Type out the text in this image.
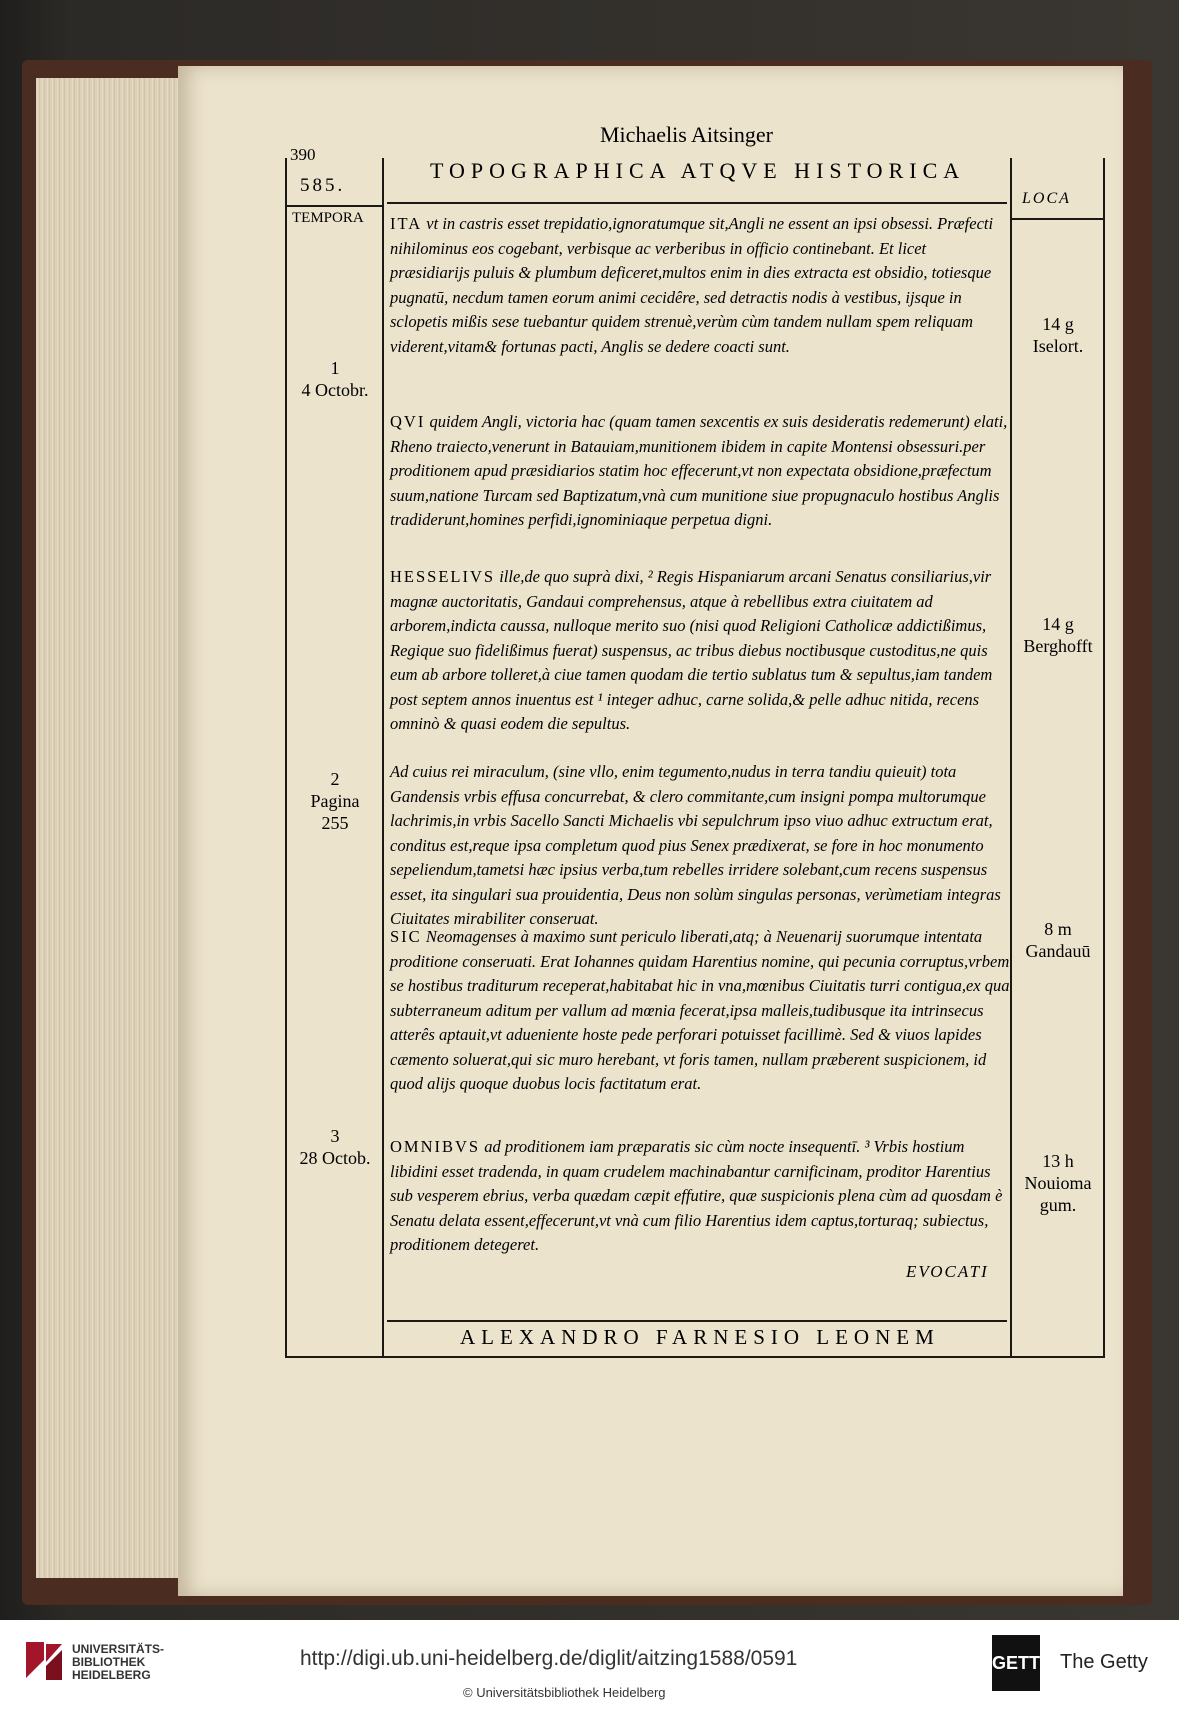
390
Michaelis Aitsinger
585.
TEMPORA
TOPOGRAPHICA ATQVE HISTORICA
LOCA
ITA vt in castris esset trepidatio,ignoratumque sit,Angli ne essent an ipsi obsessi. Præfecti nihilominus eos cogebant, verbisque ac verberibus in officio continebant. Et licet præsidiarijs puluis & plumbum deficeret,multos enim in dies extracta est obsidio, totiesque pugnatū, necdum tamen eorum animi cecidêre, sed detractis nodis à vestibus, ijsque in sclopetis mißis sese tuebantur quidem strenuè,verùm cùm tandem nullam spem reliquam viderent,vitam& fortunas pacti, Anglis se dedere coacti sunt.
QVI quidem Angli, victoria hac (quam tamen sexcentis ex suis desideratis redemerunt) elati, Rheno traiecto,venerunt in Batauiam,munitionem ibidem in capite Montensi obsessuri.per proditionem apud præsidiarios statim hoc effecerunt,vt non expectata obsidione,præfectum suum,natione Turcam sed Baptizatum,vnà cum munitione siue propugnaculo hostibus Anglis tradiderunt,homines perfidi,ignominiaque perpetua digni.
HESSELIVS ille,de quo suprà dixi, ² Regis Hispaniarum arcani Senatus consiliarius,vir magnæ auctoritatis, Gandaui comprehensus, atque à rebellibus extra ciuitatem ad arborem,indicta caussa, nulloque merito suo (nisi quod Religioni Catholicæ addictißimus, Regique suo fidelißimus fuerat) suspensus, ac tribus diebus noctibusque custoditus,ne quis eum ab arbore tolleret,à ciue tamen quodam die tertio sublatus tum & sepultus,iam tandem post septem annos inuentus est ¹ integer adhuc, carne solida,& pelle adhuc nitida, recens omninò & quasi eodem die sepultus.
Ad cuius rei miraculum, (sine vllo, enim tegumento,nudus in terra tandiu quieuit) tota Gandensis vrbis effusa concurrebat, & clero commitante,cum insigni pompa multorumque lachrimis,in vrbis Sacello Sancti Michaelis vbi sepulchrum ipso viuo adhuc extructum erat, conditus est,reque ipsa completum quod pius Senex prædixerat, se fore in hoc monumento sepeliendum,tametsi hæc ipsius verba,tum rebelles irridere solebant,cum recens suspensus esset, ita singulari sua prouidentia, Deus non solùm singulas personas, verùmetiam integras Ciuitates mirabiliter conseruat.
SIC Neomagenses à maximo sunt periculo liberati,atq; à Neuenarij suorumque intentata proditione conseruati. Erat Iohannes quidam Harentius nomine, qui pecunia corruptus,vrbem se hostibus traditurum receperat,habitabat hic in vna,mœnibus Ciuitatis turri contigua,ex qua subterraneum aditum per vallum ad mœnia fecerat,ipsa malleis,tudibusque ita intrinsecus atterês aptauit,vt adueniente hoste pede perforari potuisset facillimè. Sed & viuos lapides cæmento soluerat,qui sic muro herebant, vt foris tamen, nullam præberent suspicionem, id quod alijs quoque duobus locis factitatum erat.
OMNIBVS ad proditionem iam præparatis sic cùm nocte insequentī. ³ Vrbis hostium libidini esset tradenda, in quam crudelem machinabantur carnificinam, proditor Harentius sub vesperem ebrius, verba quædam cæpit effutire, quæ suspicionis plena cùm ad quosdam è Senatu delata essent,effecerunt,vt vnà cum filio Harentius idem captus,torturaq; subiectus, proditionem detegeret.
1
4 Octobr.
2
Pagina
255
3
28 Octob.
14 g
Iselort.
14 g
Berghofft
8 m
Gandauū
13 h
Nouioma
gum.
EVOCATI
ALEXANDRO FARNESIO LEONEM
UNIVERSITÄTS-
BIBLIOTHEK
HEIDELBERG
http://digi.ub.uni-heidelberg.de/diglit/aitzing1588/0591
© Universitätsbibliothek Heidelberg
GETTY The Getty
